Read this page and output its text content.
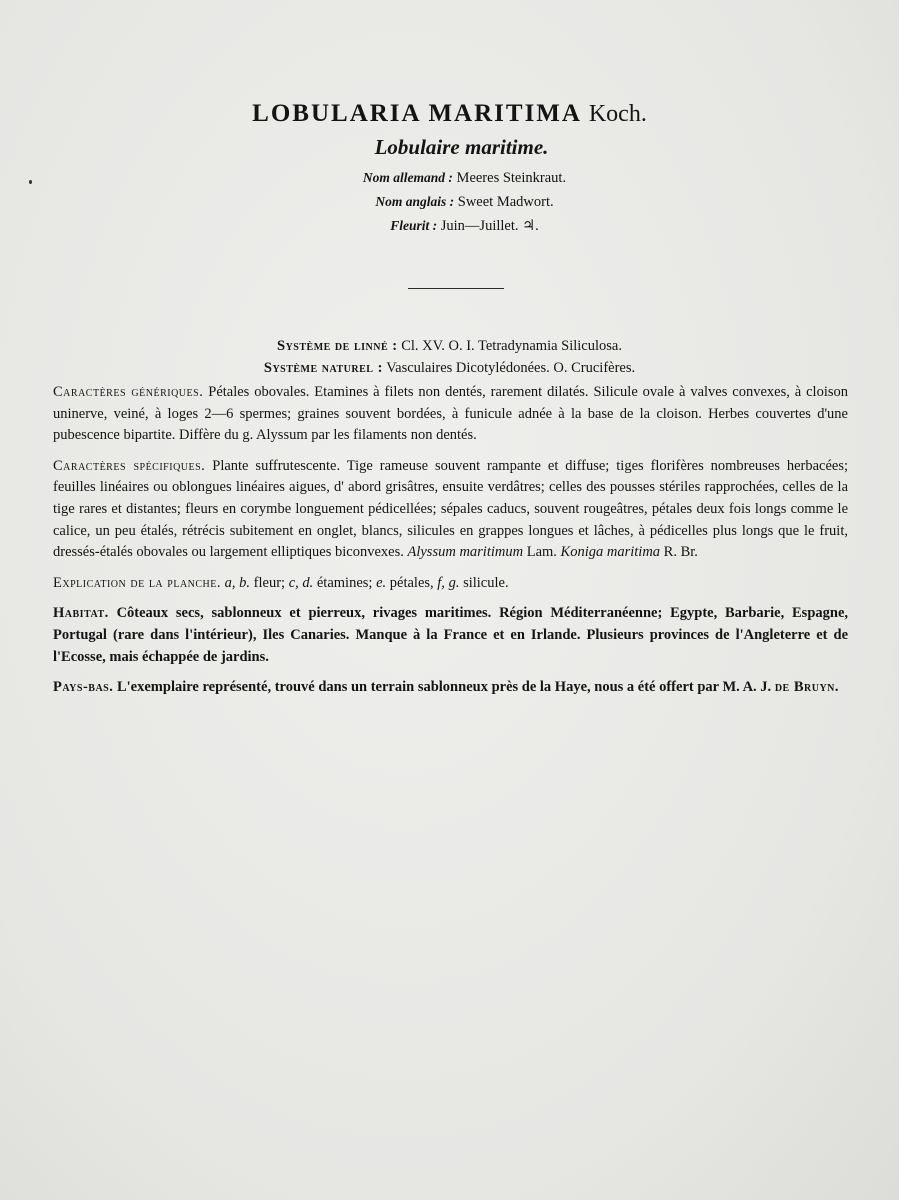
LOBULARIA MARITIMA Koch.
Lobulaire maritime.
Nom allemand : Meeres Steinkraut.
Nom anglais : Sweet Madwort.
Fleurit : Juin—Juillet. ♃.
Système de linné : Cl. XV. O. I. Tetradynamia Siliculosa.
Système naturel : Vasculaires Dicotylédonées. O. Crucifères.

Caractères génériques. Pétales obovales. Etamines à filets non dentés, rarement dilatés. Silicule ovale à valves convexes, à cloison uninerve, veiné, à loges 2—6 spermes; graines souvent bordées, à funicule adnée à la base de la cloison. Herbes couvertes d'une pubescence bipartite. Diffère du g. Alyssum par les filaments non dentés.

Caractères spécifiques. Plante suffrutescente. Tige rameuse souvent rampante et diffuse; tiges florifères nombreuses herbacées; feuilles linéaires ou oblongues linéaires aigues, d' abord grisâtres, ensuite verdâtres; celles des pousses stériles rapprochées, celles de la tige rares et distantes; fleurs en corymbe longuement pédicellées; sépales caducs, souvent rougeâtres, pétales deux fois longs comme le calice, un peu étalés, rétrécis subitement en onglet, blancs, silicules en grappes longues et lâches, à pédicelles plus longs que le fruit, dressés-étalés obovales ou largement elliptiques biconvexes. Alyssum maritimum Lam. Koniga maritima R. Br.

Explication de la planche. a, b. fleur; c, d. étamines; e. pétales, f, g. silicule.

Habitat. Côteaux secs, sablonneux et pierreux, rivages maritimes. Région Méditerranéenne; Egypte, Barbarie, Espagne, Portugal (rare dans l'intérieur), Iles Canaries. Manque à la France et en Irlande. Plusieurs provinces de l'Angleterre et de l'Ecosse, mais échappée de jardins.

Pays-bas. L'exemplaire représenté, trouvé dans un terrain sablonneux près de la Haye, nous a été offert par M. A. J. de Bruyn.
